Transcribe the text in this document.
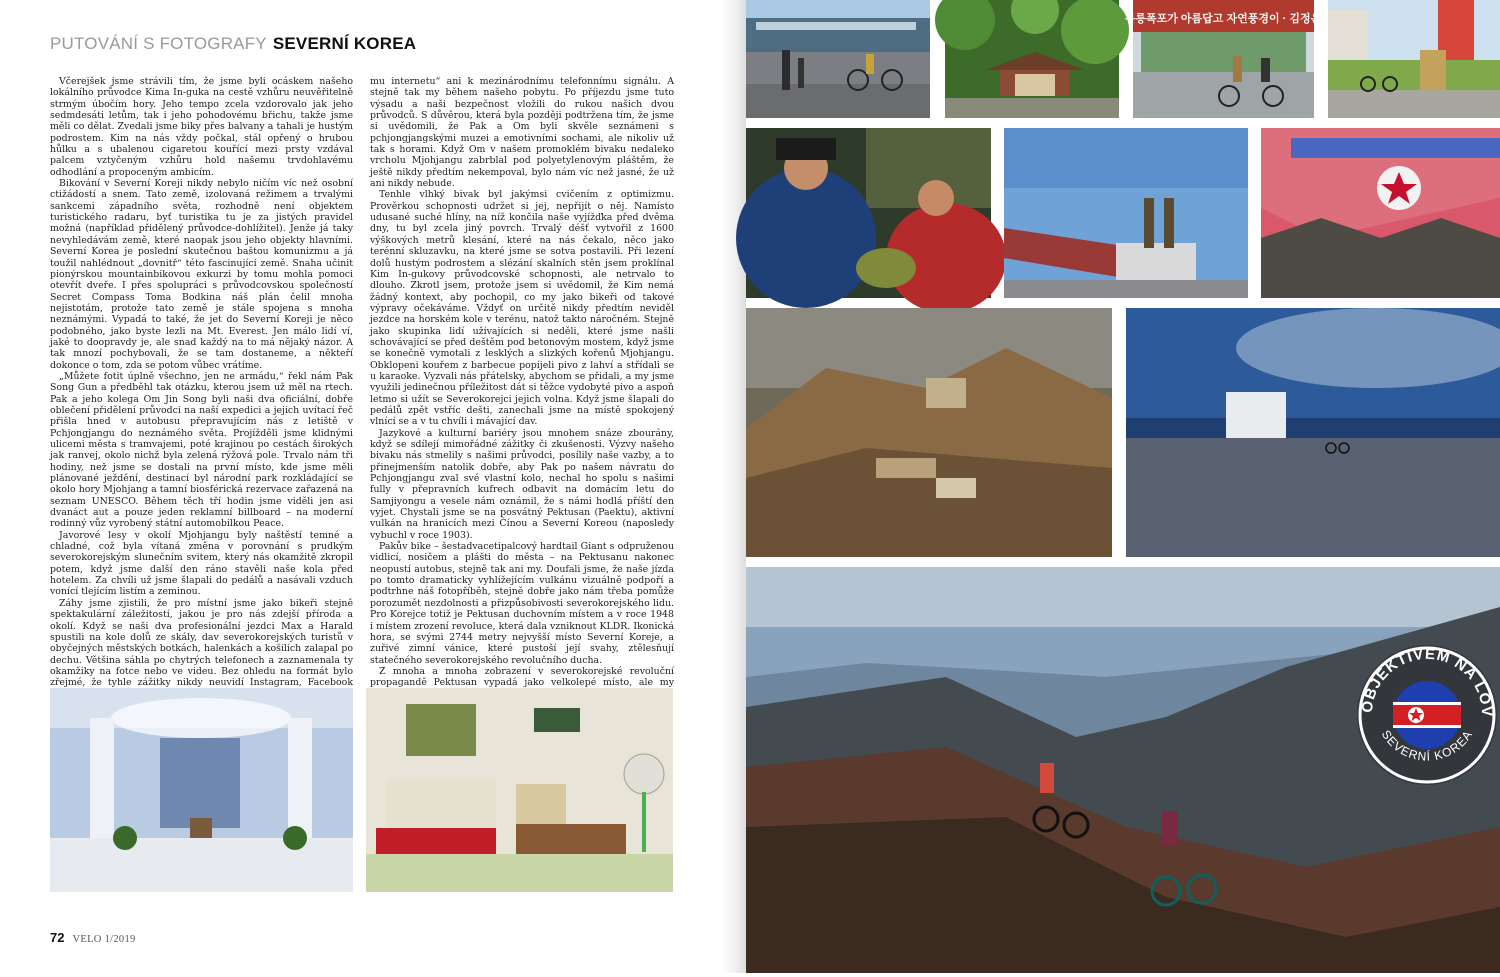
PUTOVÁNÍ S FOTOGRAFY SEVERNÍ KOREA

Včerejšek jsme strávili tím, že jsme byli ocáskem našeho lokálního průvodce Kima In-guka na cestě vzhůru neuvěřitelně strmým úbočím hory. Jeho tempo zcela vzdorovalo jak jeho sedmdesáti letům, tak i jeho pohodovému břichu, takže jsme měli co dělat. Zvedali jsme biky přes balvany a tahali je hustým podrostem. Kim na nás vždy počkal, stál opřený o hrubou hůlku a s ubalenou cigaretou kouřící mezi prsty vzdával palcem vztyčeným vzhůru hold našemu trvdohlavému odhodlání a propoceným ambicím.

Bikování v Severní Koreji nikdy nebylo ničím víc než osobní ctižádostí a snem. Tato země, izolovaná režimem a trvalými sankcemi západního světa, rozhodně není objektem turistického radaru, byť turistika tu je za jistých pravidel možná (například přidělený průvodce-dohlížitel). Jenže já taky nevyhledávám země, které naopak jsou jeho objekty hlavními. Severní Korea je poslední skutečnou baštou komunizmu a já toužil nahlédnout „dovnitř“ této fascinující země. Snaha učinit pionýrskou mountainbikovou exkurzi by tomu mohla pomoci otevřít dveře. I přes spolupráci s průvodcovskou společností Secret Compass Toma Bodkina náš plán čelil mnoha nejistotám, protože tato země je stále spojena s mnoha neznámými. Vypadá to také, že jet do Severní Koreji je něco podobného, jako byste lezli na Mt. Everest. Jen málo lidí ví, jaké to doopravdy je, ale snad každý na to má nějaký názor. A tak mnozí pochybovali, že se tam dostaneme, a někteří dokonce o tom, zda se potom vůbec vrátíme.

„Můžete fotit úplně všechno, jen ne armádu,“ řekl nám Pak Song Gun a předběhl tak otázku, kterou jsem už měl na rtech. Pak a jeho kolega Om Jin Song byli naši dva oficiální, dobře oblečení přidělení průvodci na naší expedici a jejich uvítací řeč přišla hned v autobusu přepravujícím nás z letiště v Pchjongjangu do neznámého světa. Projížděli jsme klidnými ulicemi města s tramvajemi, poté krajinou po cestách širokých jak ranvej, okolo nichž byla zelená rýžová pole. Trvalo nám tři hodiny, než jsme se dostali na první místo, kde jsme měli plánované ježdění, destinací byl národní park rozkládající se okolo hory Mjohjang a tamní biosférická rezervace zařazená na seznam UNESCO. Během těch tří hodin jsme viděli jen asi dvanáct aut a pouze jeden reklamní billboard – na moderní rodinný vůz vyrobený státní automobilkou Peace.

Javorové lesy v okolí Mjohjangu byly naštěstí temné a chladné, což byla vítaná změna v porovnání s prudkým severokorejským slunečním svitem, který nás okamžitě zkropil potem, když jsme další den ráno stavěli naše kola před hotelem. Za chvíli už jsme šlapali do pedálů a nasávali vzduch vonící tlejícím listím a zeminou.

Záhy jsme zjistili, že pro místní jsme jako bikeři stejně spektakulární záležitostí, jakou je pro nás zdejší příroda a okolí. Když se naši dva profesionální jezdci Max a Harald spustili na kole dolů ze skály, dav severokorejských turistů v obyčejných městských botkách, halenkách a košilích zalapal po dechu. Většina sáhla po chytrých telefonech a zaznamenala ty okamžiky na fotce nebo ve videu. Bez ohledu na formát bylo zřejmé, že tyhle zážitky nikdy neuvidí Instagram, Facebook

mu internetu“ ani k mezinárodnímu telefonnímu signálu. A stejně tak my během našeho pobytu. Po příjezdu jsme tuto výsadu a naši bezpečnost vložili do rukou našich dvou průvodců. S důvěrou, která byla později podtržena tím, že jsme si uvědomili, že Pak a Om byli skvěle seznámeni s pchjongjangskými muzei a emotivními sochami, ale nikoliv už tak s horami. Když Om v našem promoklém bivaku nedaleko vrcholu Mjohjangu zabrblal pod polyetylenovým pláštěm, že ještě nikdy předtím nekempoval, bylo nám víc než jasné, že už ani nikdy nebude.

Tenhle vlhký bivak byl jakýmsi cvičením z optimizmu. Prověrkou schopnosti udržet si jej, nepřijít o něj. Namísto udusané suché hlíny, na níž končila naše vyjížďka před dvěma dny, tu byl zcela jiný povrch. Trvalý déšť vytvořil z 1600 výškových metrů klesání, které na nás čekalo, něco jako terénní skluzavku, na které jsme se sotva postavili. Při lezení dolů hustým podrostem a slézání skalních stěn jsem proklínal Kim In-gukovy průvodcovské schopnosti, ale netrvalo to dlouho. Zkrotl jsem, protože jsem si uvědomil, že Kim nemá žádný kontext, aby pochopil, co my jako bikeři od takové výpravy očekáváme. Vždyť on určitě nikdy předtím neviděl jezdce na horském kole v terénu, natož takto náročném. Stejně jako skupinka lidí užívajících si neděli, které jsme našli schovávající se před deštěm pod betonovým mostem, když jsme se konečně vymotali z lesklých a slizkých kořenů Mjohjangu. Obklopeni kouřem z barbecue popíjeli pivo z lahví a střídali se u karaoke. Vyzvali nás přátelsky, abychom se přidali, a my jsme využili jedinečnou příležitost dát si těžce vydobyté pivo a aspoň letmo si užít se Severokorejci jejich volna. Když jsme šlapali do pedálů zpět vstříc dešti, zanechali jsme na místě spokojený vlnící se a v tu chvíli i mávající dav.

Jazykové a kulturní bariéry jsou mnohem snáze zbourány, když se sdílejí mimořádné zážitky či zkušenosti. Výzvy našeho bivaku nás stmelily s našimi průvodci, posílily naše vazby, a to přinejmenším natolik dobře, aby Pak po našem návratu do Pchjongjangu zval své vlastní kolo, nechal ho spolu s našimi fully v přepravních kufrech odbavit na domácím letu do Samjiyongu a vesele nám oznámil, že s námi hodlá příští den vyjet. Chystali jsme se na posvátný Pektusan (Paektu), aktivní vulkán na hranicích mezi Čínou a Severní Koreou (naposledy vybuchl v roce 1903).

Pakův bike – šestadvacetipalcový hardtail Giant s odpruženou vidlicí, nosičem a plášti do města – na Pektusanu nakonec neopustí autobus, stejně tak ani my. Doufali jsme, že naše jízda po tomto dramaticky vyhlížejícím vulkánu vizuálně podpoří a podtrhne náš fotopříběh, stejně dobře jako nám třeba pomůže porozumět nezdolnosti a přizpůsobivosti severokorejského lidu. Pro Korejce totiž je Pektusan duchovním místem a v roce 1948 i místem zrození revoluce, která dala vzniknout KLDR. Ikonická hora, se svými 2744 metry nejvyšší místo Severní Koreje, a zuřivé zimní vánice, které pustoší její svahy, ztělesňují statečného severokorejského revolučního ducha.

Z mnoha a mnoha zobrazení v severokorejské revoluční propagandě Pektusan vypadá jako velkolepé místo, ale my

무릉폭포가 아름답고 자연풍경이 · 김정은
OBJEKTIVEM NA LOV
SEVERNÍ KOREA
72 VELO 1/2019
